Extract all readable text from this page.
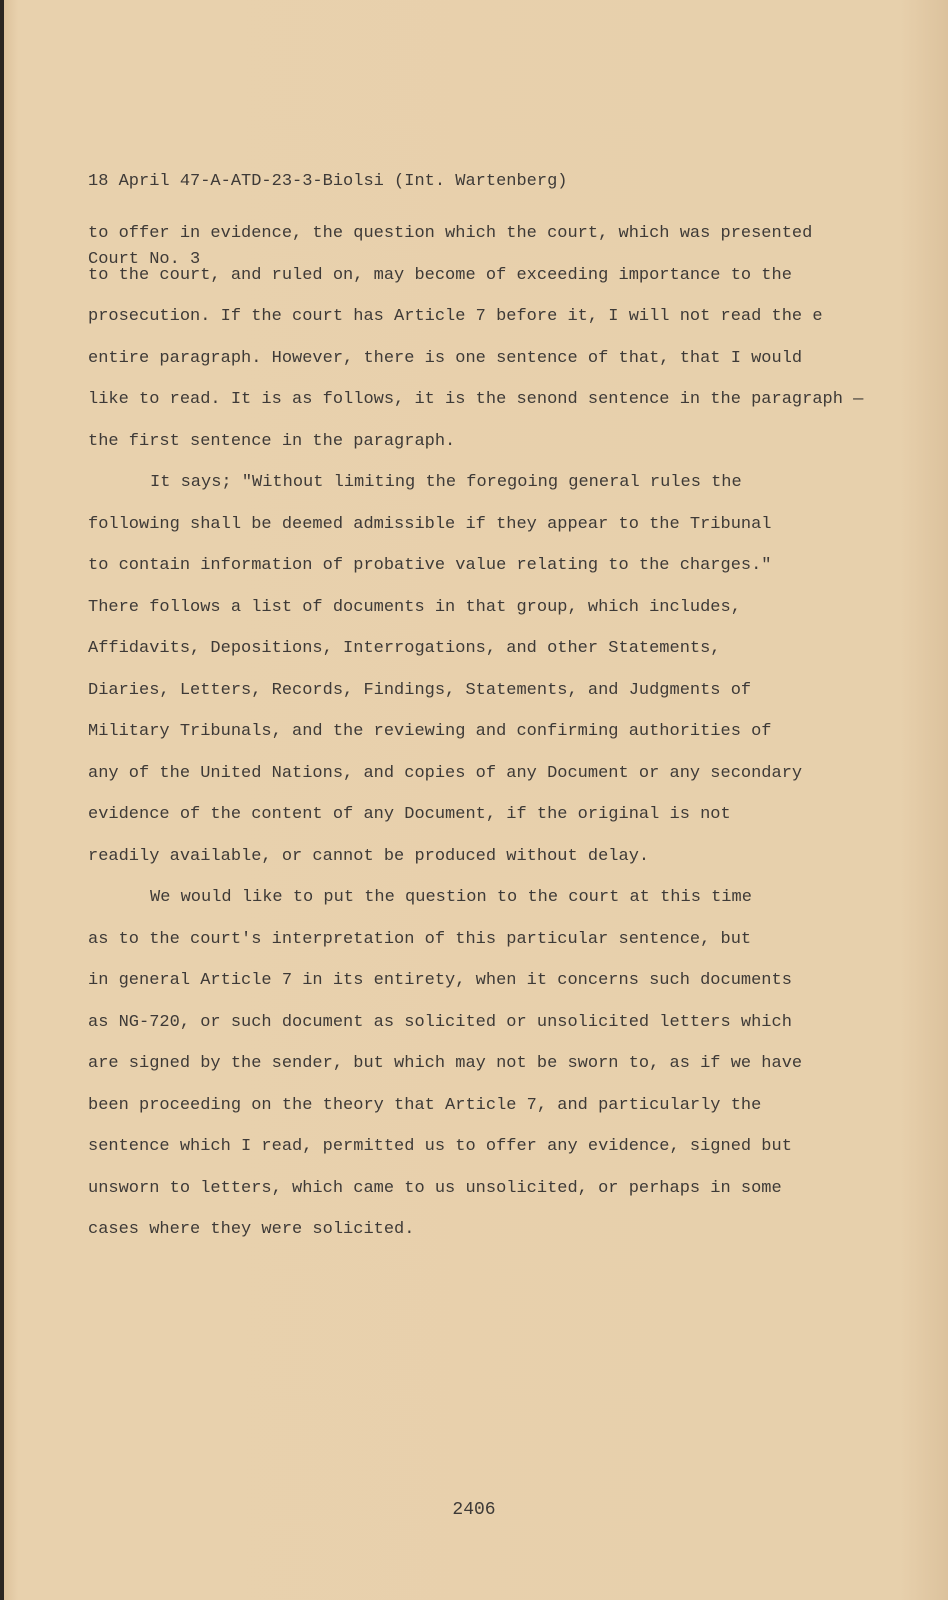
18 April 47-A-ATD-23-3-Biolsi (Int. Wartenberg)

Court No. 3

to offer in evidence, the question which the court, which was presented
to the court, and ruled on, may become of exceeding importance to the
prosecution. If the court has Article 7 before it, I will not read the e
entire paragraph. However, there is one sentence of that, that I would
like to read. It is as follows, it is the senond sentence in the paragraph —
the first sentence in the paragraph.
It says; "Without limiting the foregoing general rules the
following shall be deemed admissible if they appear to the Tribunal
to contain information of probative value relating to the charges."
There follows a list of documents in that group, which includes,
Affidavits, Depositions, Interrogations, and other Statements,
Diaries, Letters, Records, Findings, Statements, and Judgments of
Military Tribunals, and the reviewing and confirming authorities of
any of the United Nations, and copies of any Document or any secondary
evidence of the content of any Document, if the original is not
readily available, or cannot be produced without delay.
We would like to put the question to the court at this time
as to the court's interpretation of this particular sentence, but
in general Article 7 in its entirety, when it concerns such documents
as NG-720, or such document as solicited or unsolicited letters which
are signed by the sender, but which may not be sworn to, as if we have
been proceeding on the theory that Article 7, and particularly the
sentence which I read, permitted us to offer any evidence, signed but
unsworn to letters, which came to us unsolicited, or perhaps in some
cases where they were solicited.
2406
